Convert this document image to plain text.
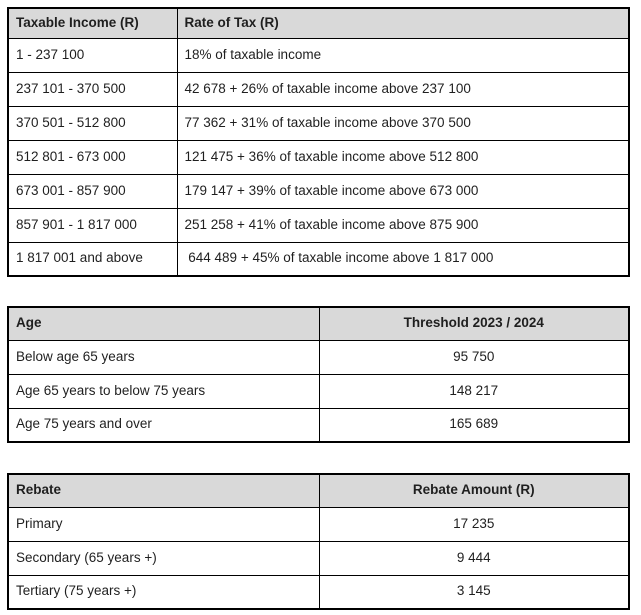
Taxable Income (R)	Rate of Tax (R)
1 - 237 100	18% of taxable income
237 101 - 370 500	42 678 + 26% of taxable income above 237 100
370 501 - 512 800	77 362 + 31% of taxable income above 370 500
512 801 - 673 000	121 475 + 36% of taxable income above 512 800
673 001 - 857 900	179 147 + 39% of taxable income above 673 000
857 901 - 1 817 000	251 258 + 41% of taxable income above 875 900
1 817 001 and above	644 489 + 45% of taxable income above 1 817 000
Age	Threshold 2023 / 2024
Below age 65 years	95 750
Age 65 years to below 75 years	148 217
Age 75 years and over	165 689
Rebate	Rebate Amount (R)
Primary	17 235
Secondary (65 years +)	9 444
Tertiary (75 years +)	3 145
